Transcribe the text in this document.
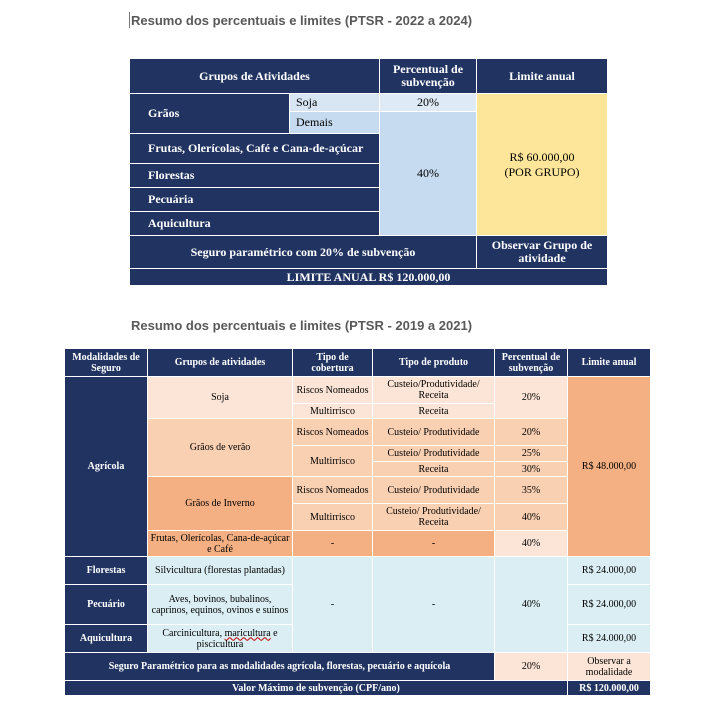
Resumo dos percentuais e limites (PTSR - 2022 a 2024)
Grupos de Atividades		Percentual de subvenção	Limite anual
Grãos	Soja	20%	R$ 60.000,00
(POR GRUPO)

	Demais	40%	
Frutas, Olerícolas, Café e Cana-de-açúcar			
Florestas			
Pecuária			
Aquicultura			
Seguro paramétrico com 20% de subvenção			Observar Grupo de atividade
LIMITE ANUAL R$ 120.000,00			
Resumo dos percentuais e limites (PTSR - 2019 a 2021)
Modalidades de Seguro	Grupos de atividades	Tipo de cobertura	Tipo de produto	Percentual de subvenção	Limite anual
Agrícola	Soja	Riscos Nomeados	Custeio/Produtividade/ Receita	20%	R$ 48.000,00
		Multirrisco	Receita		
	Grãos de verão	Riscos Nomeados	Custeio/ Produtividade	20%	
		Multirrisco	Custeio/ Produtividade	25%	
			Receita	30%	
	Grãos de Inverno	Riscos Nomeados	Custeio/ Produtividade	35%	
		Multirrisco	Custeio/ Produtividade/ Receita	40%	
	Frutas, Olerícolas, Cana-de-açúcar e Café	-	-	40%	

Florestas	Silvicultura (florestas plantadas)	-	-	40%	R$ 24.000,00
Pecuário	Aves, bovinos, bubalinos, caprinos, equinos, ovinos e suínos				R$ 24.000,00
Aquicultura	Carcinicultura, maricultura e piscicultura				R$ 24.000,00
Seguro Paramétrico para as modalidades agrícola, florestas, pecuário e aquícola				20%	Observar a modalidade
Valor Máximo de subvenção (CPF/ano)					R$ 120.000,00
